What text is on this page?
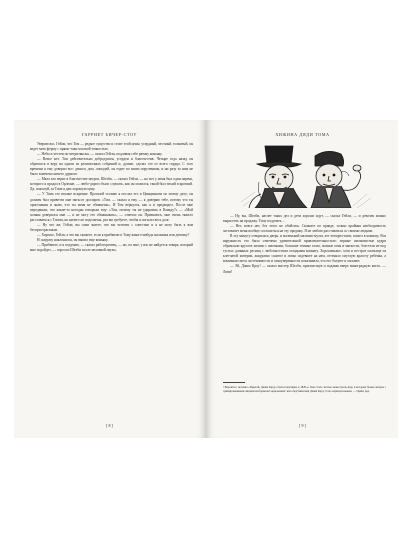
ГАРРИЕТ БИЧЕР-СТОУ

Уверяю вас, Гейли, что Том — редкое существо и стоит этой цены: усердный, честный, толковый, он ведет мою ферму с прямо-таки часовой точностью.

— Небось честен по-негритянски, — сказал Гейли, подливая себе рюмку коньяку.

— Вовсе нет. Том действительно добродушен, усерден и благочестив. Четыре года назад он обратился в веру на одном из религиозных собраний и, думаю, сделал это от всего сердца. С того времени я ему доверил все: деньги, дом, лошадей, он ездит по моим поручениям, и ни разу за ним не было замечено ничего дурного.

— Мало кто верит в благочестие негров, Шелби, — сказал Гейли, — но вот у меня был один парень, которого я продал в Орлеане, — любо-дорого было слушать, как он молился, такой был тихий и кроткий. Да, пожалуй, за Тома я дам хорошую цену.

— У Тома это вполне искренне. Прошлой осенью я послал его в Цинциннати по моему делу; он должен был привезти мне пятьсот долларов. «Том, — сказал я ему, — я доверяю тебе, потому что ты христианин и знаю, что ты меня не обманешь». И Том вернулся, как я и предвидел. После мне передавали, что какие-то негодяи говорили ему: «Том, почему ты не удираешь в Канаду?» — «Мой хозяин доверился мне — и не могу его обманывать», — отвечал он. Признаюсь, мне очень тяжело расставаться с Томом, но ничего не поделаешь, раз вы требуете, чтобы я погасил весь долг.

— Ну что же, Гейли, вы сами знаете, что вы человек с совестью и я не могу быть к вам беспристрастным.

— Хорошо, Гейли, а что вы скажете, если я прибавлю к Тому какого-нибудь мальчика или девочку?

Н. наудачу наклонился, он выпил еще коньяку.

— Прибавьте, и я подумаю, — сказал работорговец, — но, по мне, у вас не найдется товара, который мне подойдет, — спросил Шелби после неловкой паузы.

[ 8 ]
ХИЖИНА ДЯДИ ТОМА

— Ну, вы, Шелби, насчет таких дел и дети хорошо идут, — сказал Гейли, — и девочек можно вырастить на продажу. Тому подумать…

— Нет, вовсе нет, без этого не обойтись. Скажите по правде, только крайняя необходимость заставляет меня вообще согласиться на эту продажу. Я не люблю расставаться со своими людьми.

В эту минуту отворилась дверь, и маленький мальчик-мулат, лет четырех-пяти, вошел в комнату. Вся наружность его была отмечена удивительной привлекательностью: черные шелковистые кудри обрамляли круглое личико с ямочками, большие темные глаза, полные огня и мягкости, блестели из-под густых длинных ресниц с любопытством оглядывая комнату. Хорошенькое, хотя и пестрое платьице из клетчатой материи, аккуратно сшитое и ловко сидевшее на нем, оттеняло смуглую красоту ребенка, а комичная смесь застенчивости и самоуверенности показывала, что его балуют и ласкают.

— Эй, Джим Кроу! — сказал мистер Шелби, присвистнув и подавая вверх виноградную кисть. — Лови!

¹ Вероятно, песенка «Прыгай, Джим Кроу» была популярна в 1820-е. Она стала частью менестрель-шоу, в которых белые актеры с гримированными лицами изображали чернокожих; впоследствии имя Джим Кроу стало нарицательным. — Прим. ред.
[ 9 ]
